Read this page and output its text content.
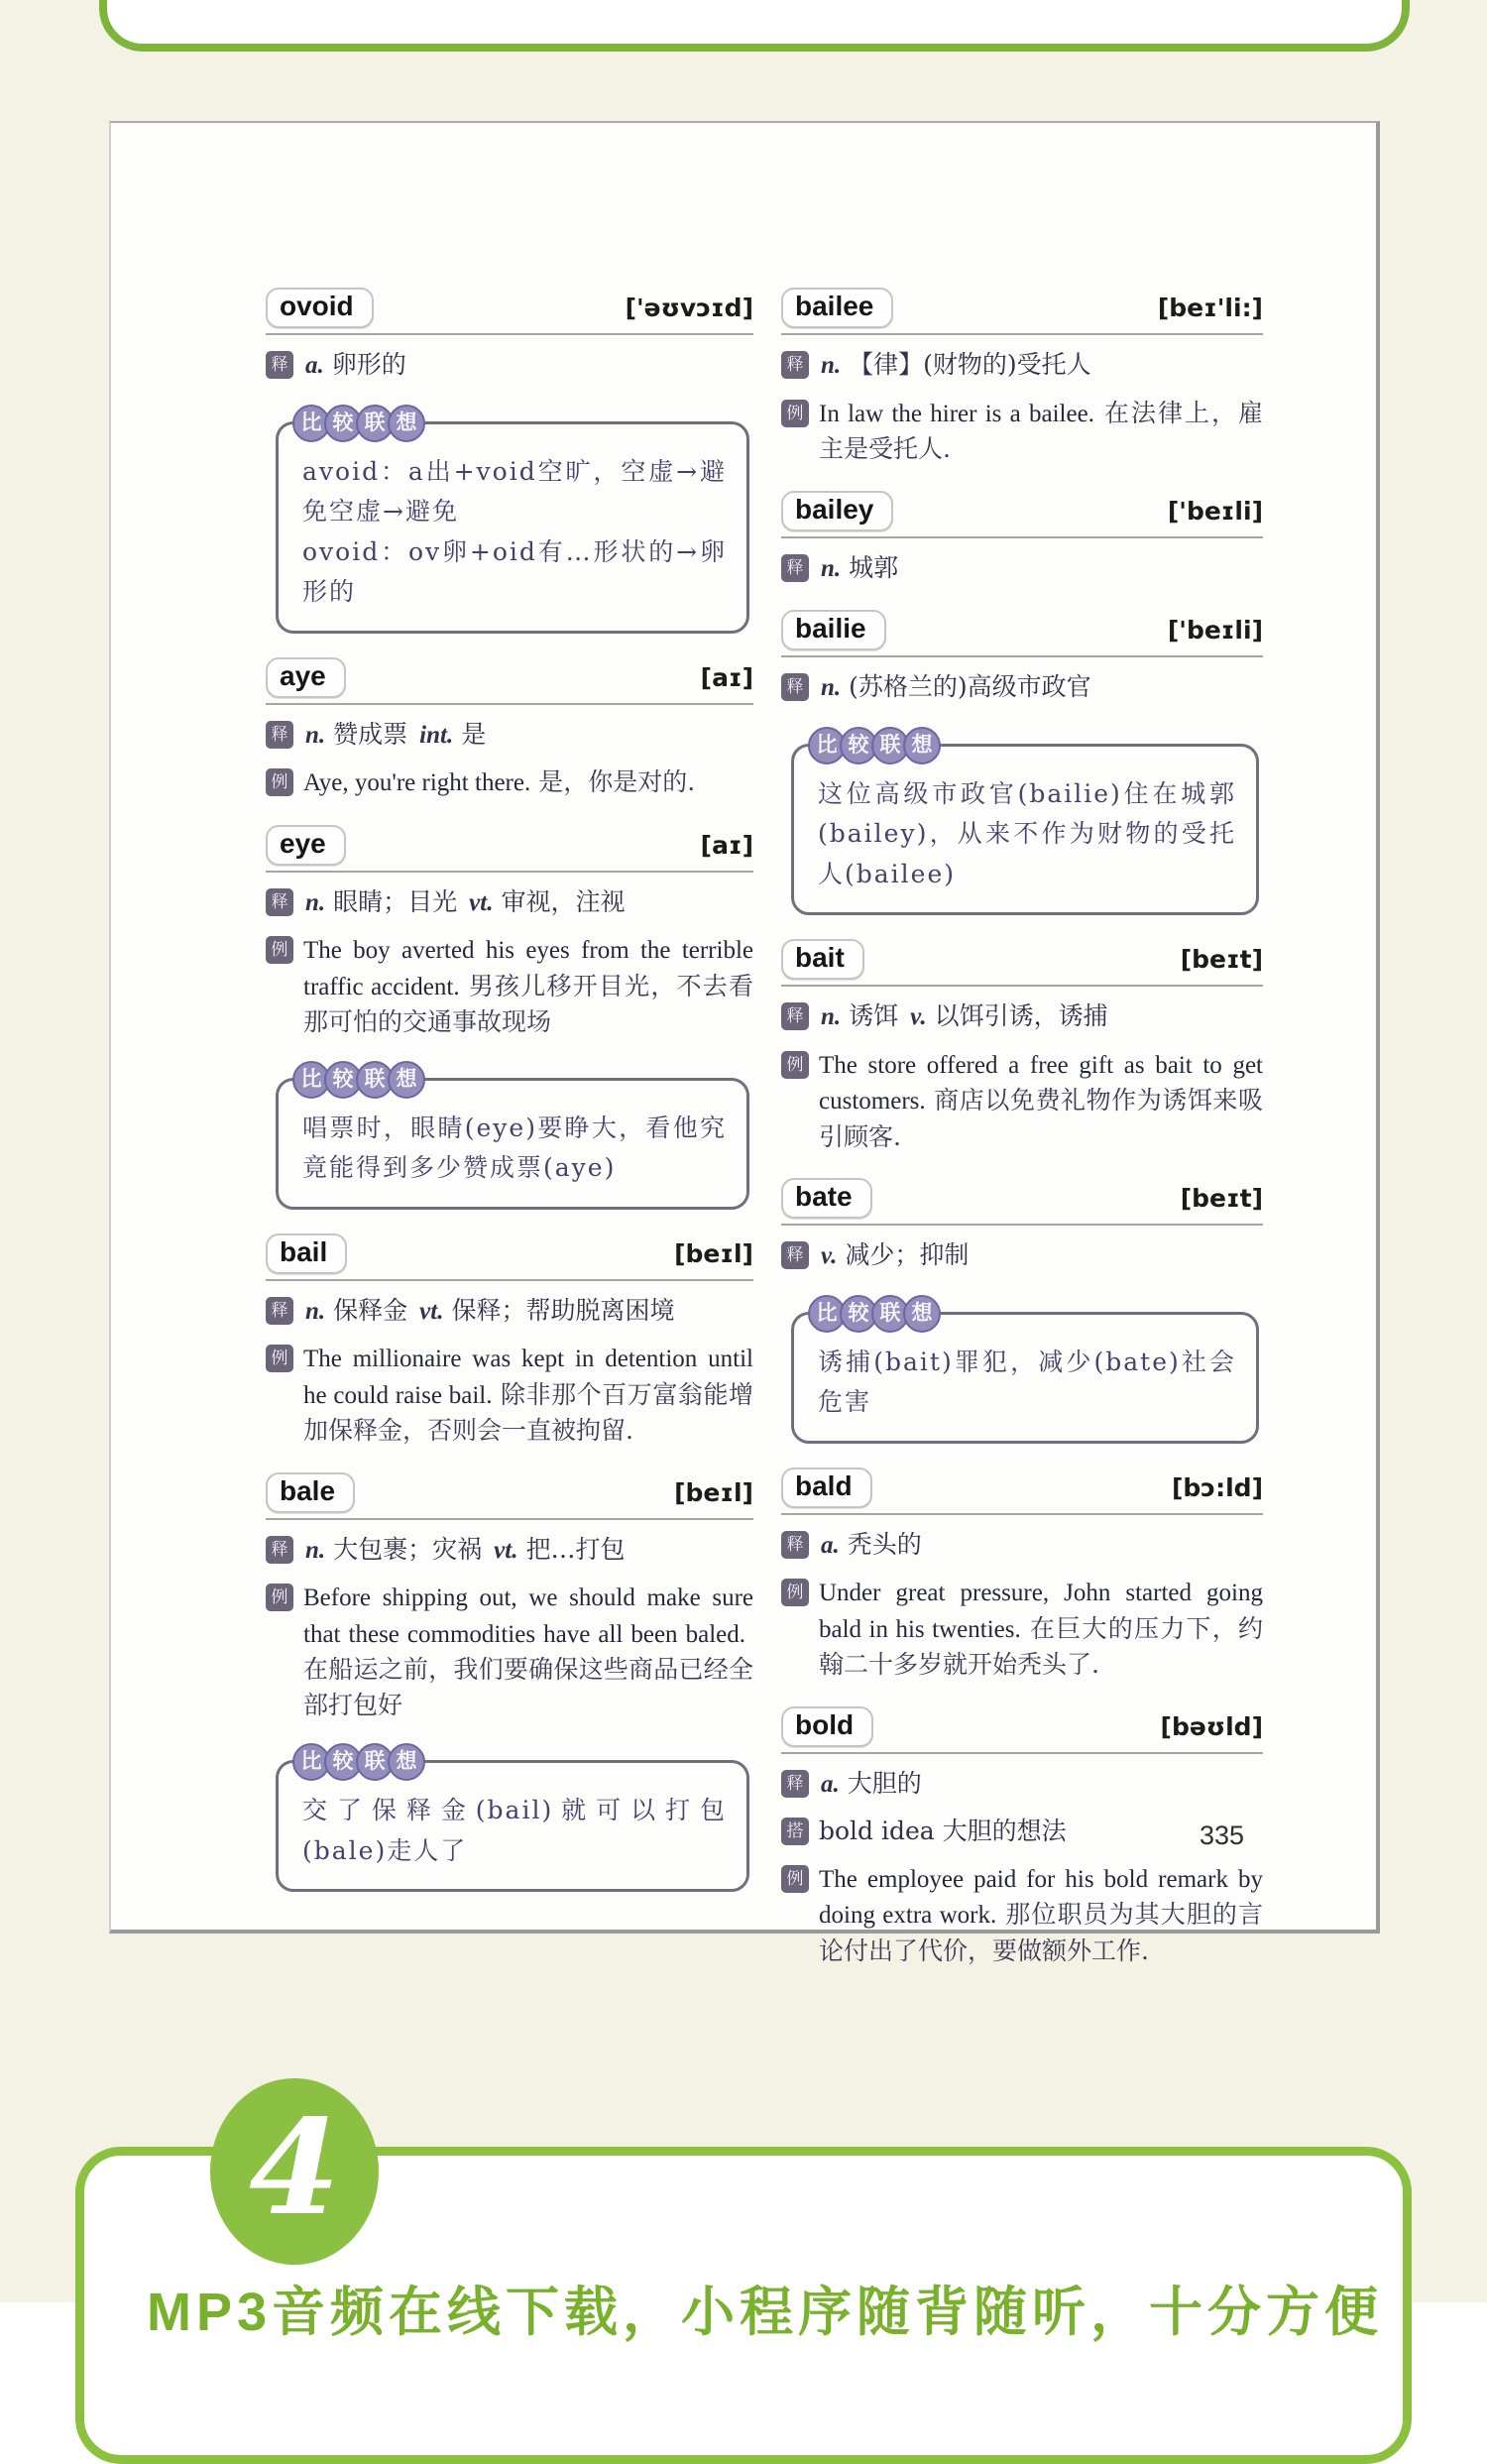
ovoid	['əʊvɔɪd]
释 a. 卵形的

比 较 联 想
avoid：a出+void空旷，空虚→避免空虚→避免
ovoid：ov卵+oid有…形状的→卵形的
aye	[aɪ]
释 n. 赞成票 int. 是

例 Aye, you're right there. 是，你是对的.

eye	[aɪ]
释 n. 眼睛；目光 vt. 审视，注视

例 The boy averted his eyes from the terrible traffic accident. 男孩儿移开目光，不去看那可怕的交通事故现场

比 较 联 想
唱票时，眼睛(eye)要睁大，看他究竟能得到多少赞成票(aye)
bail	[beɪl]
释 n. 保释金 vt. 保释；帮助脱离困境

例 The millionaire was kept in detention until he could raise bail. 除非那个百万富翁能增加保释金，否则会一直被拘留.

bale	[beɪl]
释 n. 大包裹；灾祸 vt. 把…打包

例 Before shipping out, we should make sure that these commodities have all been baled.在船运之前，我们要确保这些商品已经全部打包好

比 较 联 想
交了保释金(bail)就可以打包(bale)走人了
bailee	[beɪ'li:]
释 n. 【律】(财物的)受托人

例 In law the hirer is a bailee. 在法律上，雇主是受托人.

bailey	['beɪli]
释 n. 城郭

bailie	['beɪli]
释 n. (苏格兰的)高级市政官

比 较 联 想
这位高级市政官(bailie)住在城郭(bailey)，从来不作为财物的受托人(bailee)
bait	[beɪt]
释 n. 诱饵 v. 以饵引诱，诱捕

例 The store offered a free gift as bait to get customers. 商店以免费礼物作为诱饵来吸引顾客.

bate	[beɪt]
释 v. 减少；抑制

比 较 联 想
诱捕(bait)罪犯，减少(bate)社会危害
bald	[bɔ:ld]
释 a. 秃头的

例 Under great pressure, John started going bald in his twenties. 在巨大的压力下，约翰二十多岁就开始秃头了.

bold	[bəʊld]
释 a. 大胆的

搭 bold idea 大胆的想法

例 The employee paid for his bold remark by doing extra work. 那位职员为其大胆的言论付出了代价，要做额外工作.

335
4
MP3音频在线下载，小程序随背随听，十分方便
